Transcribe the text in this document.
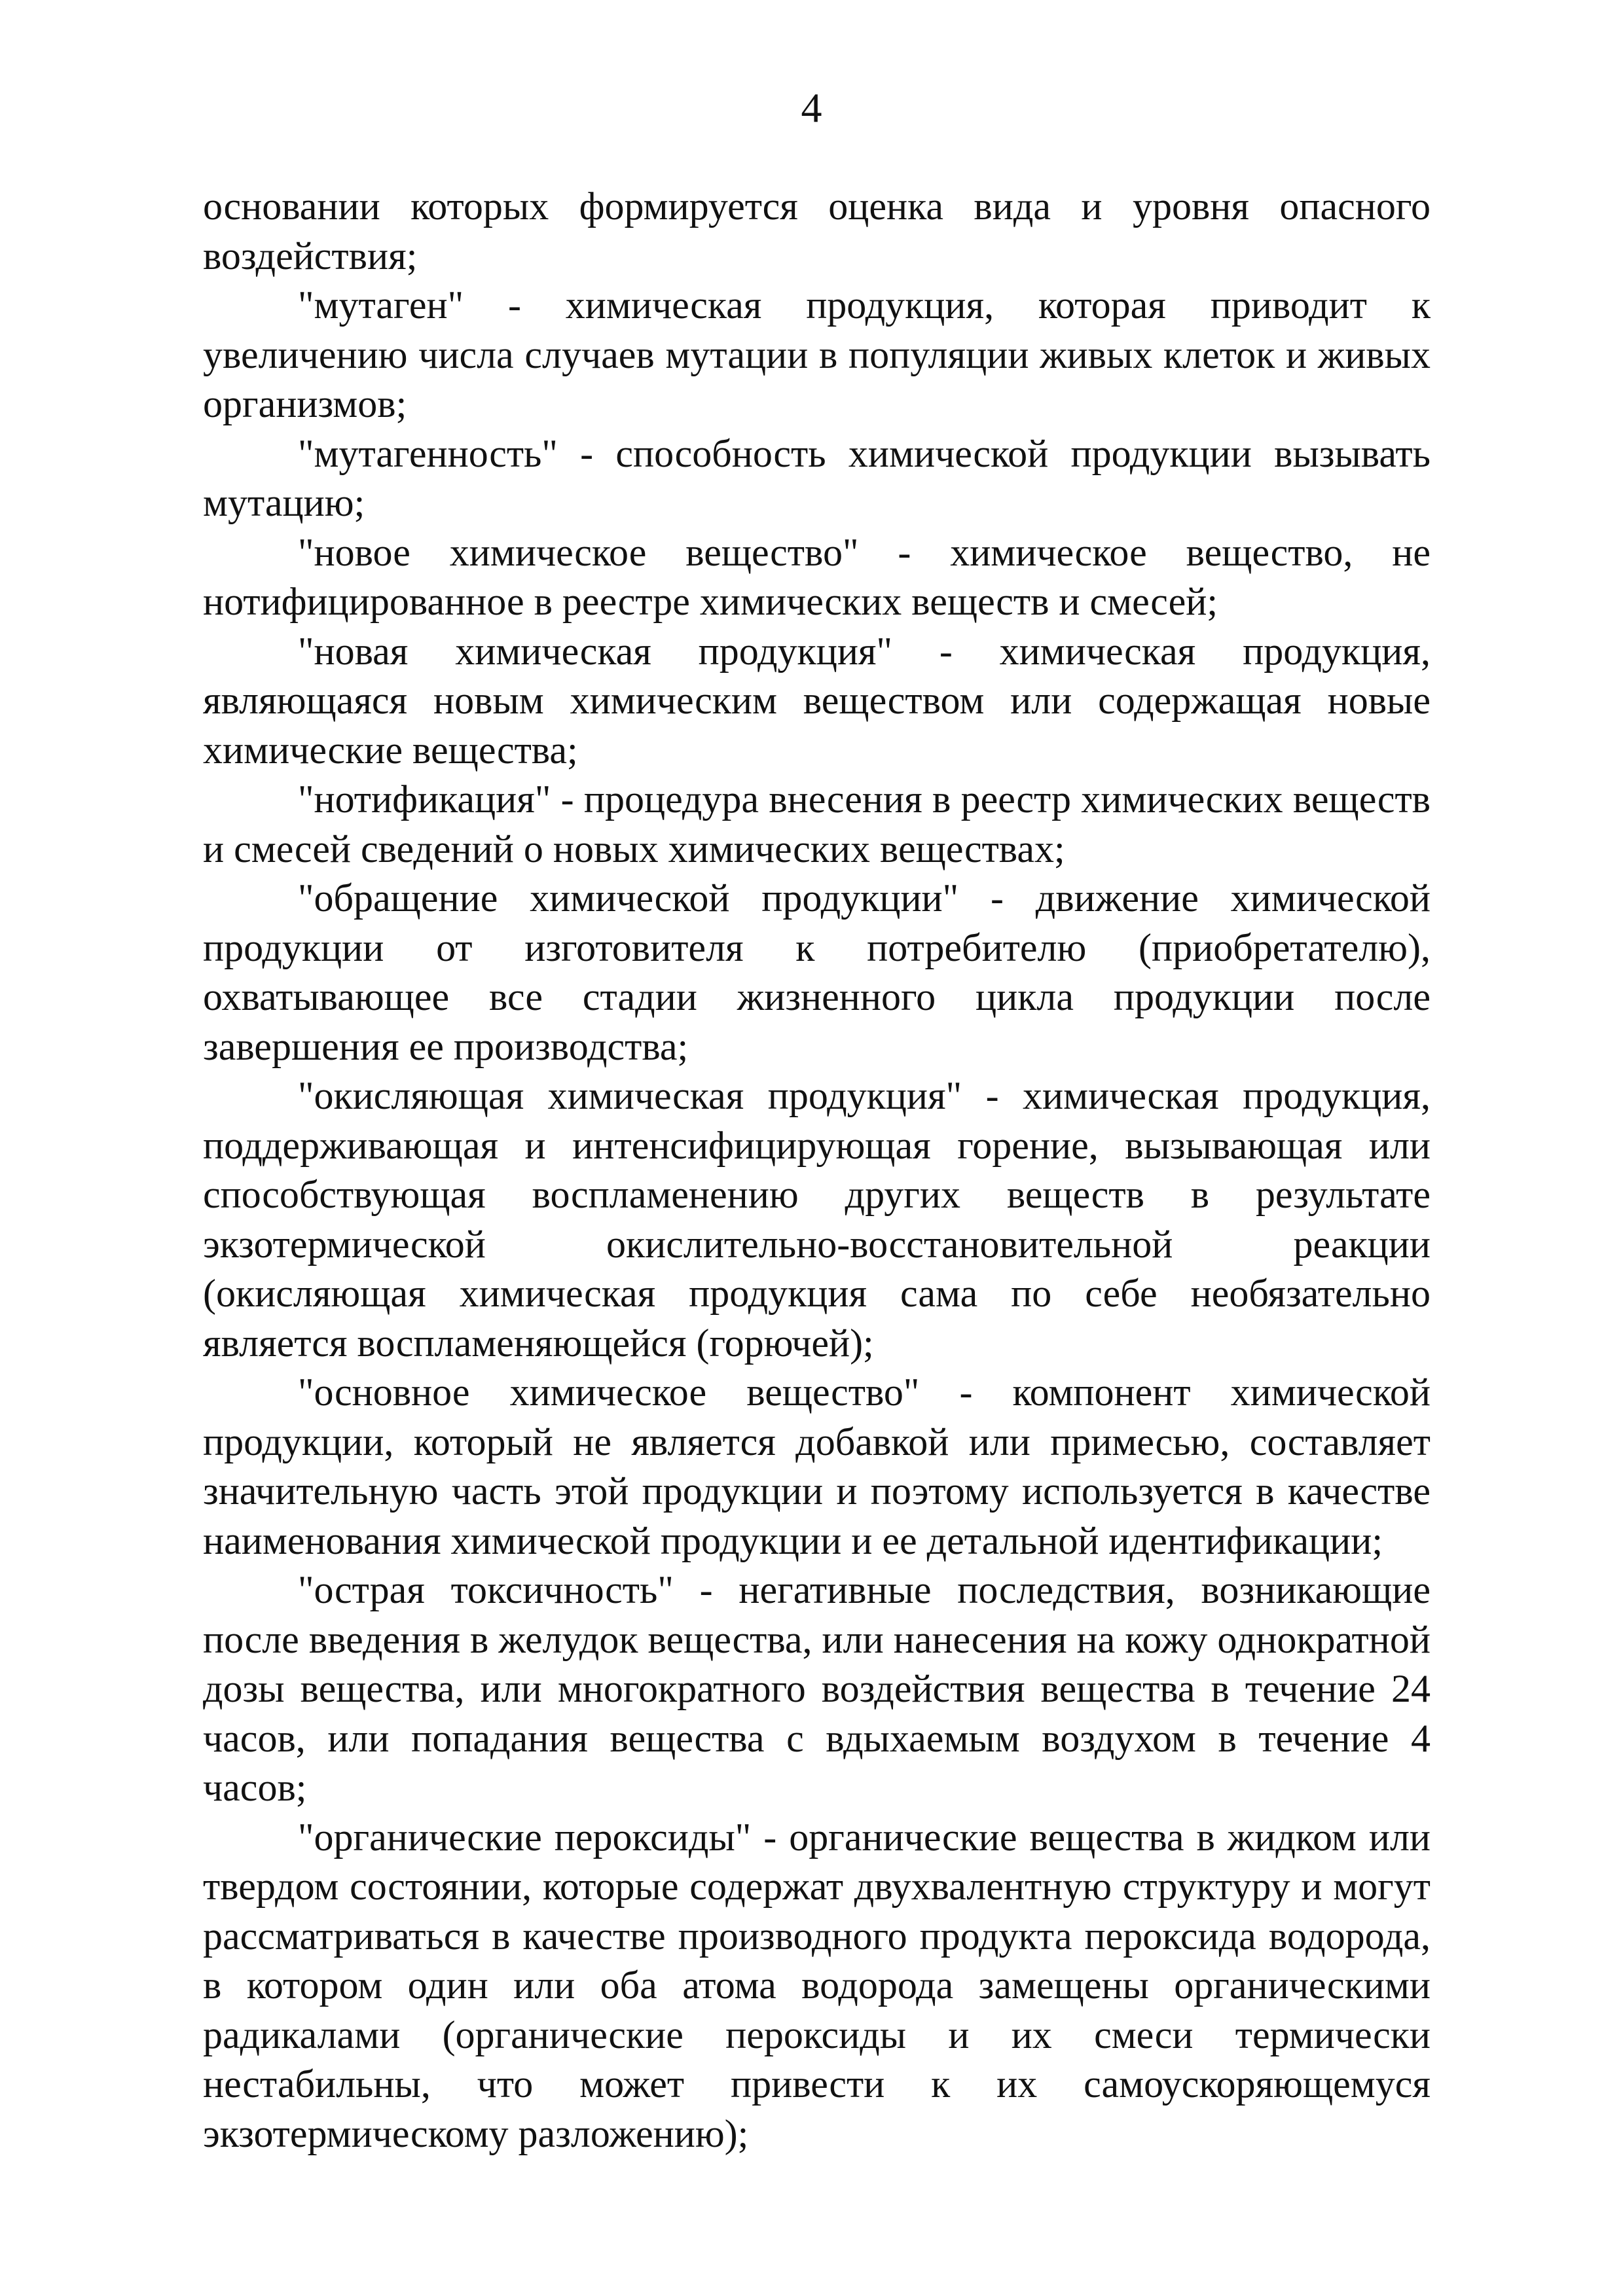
4

основании которых формируется оценка вида и уровня опасного воздействия;

"мутаген" - химическая продукция, которая приводит к увеличению числа случаев мутации в популяции живых клеток и живых организмов;

"мутагенность" - способность химической продукции вызывать мутацию;

"новое химическое вещество" - химическое вещество, не нотифицированное в реестре химических веществ и смесей;

"новая химическая продукция" - химическая продукция, являющаяся новым химическим веществом или содержащая новые химические вещества;

"нотификация" - процедура внесения в реестр химических веществ и смесей сведений о новых химических веществах;

"обращение химической продукции" - движение химической продукции от изготовителя к потребителю (приобретателю), охватывающее все стадии жизненного цикла продукции после завершения ее производства;

"окисляющая химическая продукция" - химическая продукция, поддерживающая и интенсифицирующая горение, вызывающая или способствующая воспламенению других веществ в результате экзотермической окислительно-восстановительной реакции (окисляющая химическая продукция сама по себе необязательно является воспламеняющейся (горючей);

"основное химическое вещество" - компонент химической продукции, который не является добавкой или примесью, составляет значительную часть этой продукции и поэтому используется в качестве наименования химической продукции и ее детальной идентификации;

"острая токсичность" - негативные последствия, возникающие после введения в желудок вещества, или нанесения на кожу однократной дозы вещества, или многократного воздействия вещества в течение 24 часов, или попадания вещества с вдыхаемым воздухом в течение 4 часов;

"органические пероксиды" - органические вещества в жидком или твердом состоянии, которые содержат двухвалентную структуру и могут рассматриваться в качестве производного продукта пероксида водорода, в котором один или оба атома водорода замещены органическими радикалами (органические пероксиды и их смеси термически нестабильны, что может привести к их самоускоряющемуся экзотермическому разложению);
